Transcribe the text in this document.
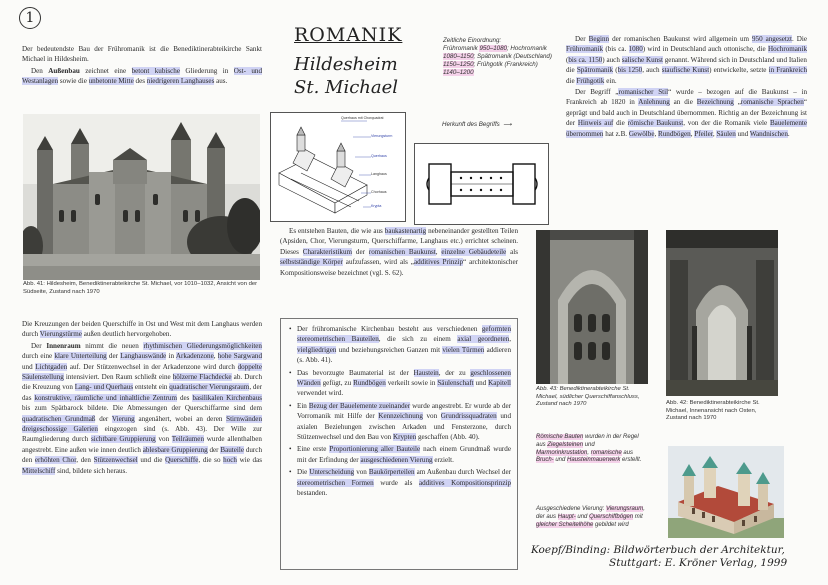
1
ROMANIK
Hildesheim
St. Michael

Der bedeutendste Bau der Frühromanik ist die Benediktinerabteikirche Sankt Michael in Hildesheim.

Den Außenbau zeichnet eine betont kubische Gliederung in Ost- und Westanlagen sowie die unbetonte Mitte des niedrigeren Langhauses aus.

Abb. 41: Hildesheim, Benediktinerabteikirche St. Michael, vor 1010–1032, Ansicht von der Südseite, Zustand nach 1970

Die Kreuzungen der beiden Querschiffe in Ost und West mit dem Langhaus werden durch Vierungstürme außen deutlich hervorgehoben.

Der Innenraum nimmt die neuen rhythmischen Gliederungsmöglichkeiten durch eine klare Unterteilung der Langhauswände in Arkadenzone, hohe Sargwand und Lichtgaden auf. Der Stützenwechsel in der Arkadenzone wird durch doppelte Säulenstellung intensiviert. Den Raum schließt eine hölzerne Flachdecke ab. Durch die Kreuzung von Lang- und Querhaus entsteht ein quadratischer Vierungsraum, der das konstruktive, räumliche und inhaltliche Zentrum des basilikalen Kirchenbaus bis zum Spätbarock bildete. Die Abmessungen der Querschiffarme sind dem quadratischen Grundmaß der Vierung angenähert, wobei an deren Stirnwänden dreigeschossige Galerien eingezogen sind (s. Abb. 43). Der Wille zur Raumgliederung durch sichtbare Gruppierung von Teilräumen wurde allenthalben angestrebt. Eine außen wie innen deutlich ablesbare Gruppierung der Bauteile durch den erhöhten Chor, den Stützenwechsel und die Querschiffe, die so hoch wie das Mittelschiff sind, bildete sich heraus.

Querhaus mit Chorquadrat
Vierungsturm
Querhaus
Langhaus
Chorhaus
Krypta

Es entstehen Bauten, die wie aus baukastenartig nebeneinander gestellten Teilen (Apsiden, Chor, Vierungsturm, Querschiffarme, Langhaus etc.) errichtet scheinen. Dieses Charakteristikum der romanischen Baukunst, einzelne Gebäudeteile als selbstständige Körper aufzufassen, wird als „additives Prinzip“ architektonischer Kompositionsweise bezeichnet (vgl. S. 62).

• Der frühromanische Kirchenbau besteht aus verschiedenen geformten stereometrischen Bauteilen, die sich zu einem axial geordneten, vielgliedrigen und beziehungsreichen Ganzen mit vielen Türmen addieren (s. Abb. 41).
• Das bevorzugte Baumaterial ist der Haustein, der zu geschlossenen Wänden gefügt, zu Rundbögen verkeilt sowie in Säulenschaft und Kapitell verwendet wird.
• Ein Bezug der Bauelemente zueinander wurde angestrebt. Er wurde ab der Vorromanik mit Hilfe der Kennzeichnung von Grundrissquadraten und axialen Beziehungen zwischen Arkaden und Fensterzone, durch Stützenwechsel und den Bau von Krypten geschaffen (Abb. 40).
• Eine erste Proportionierung aller Bauteile nach einem Grundmaß wurde mit der Erfindung der ausgeschiedenen Vierung erzielt.
• Die Unterscheidung von Baukörperteilen am Außenbau durch Wechsel der stereometrischen Formen wurde als additives Kompositionsprinzip bestanden.
Zeitliche Einordnung:
Frühromanik 950–1080; Hochromanik 1080–1150; Spätromanik (Deutschland) 1150–1250; Frühgotik (Frankreich) 1140–1200
Herkunft des Begriffs ⟶

Der Beginn der romanischen Baukunst wird allgemein um 950 angesetzt. Die Frühromanik (bis ca. 1080) wird in Deutschland auch ottonische, die Hochromanik (bis ca. 1150) auch salische Kunst genannt. Während sich in Deutschland und Italien die Spätromanik (bis 1250, auch staufische Kunst) entwickelte, setzte in Frankreich die Frühgotik ein.

Der Begriff „romanischer Stil“ wurde – bezogen auf die Baukunst – in Frankreich ab 1820 in Anlehnung an die Bezeichnung „romanische Sprachen“ geprägt und bald auch in Deutschland übernommen. Richtig an der Bezeichnung ist der Hinweis auf die römische Baukunst, von der die Romanik viele Bauelemente übernommen hat z.B. Gewölbe, Rundbögen, Pfeiler, Säulen und Wandnischen.

Abb. 43: Benediktinerabteikirche St. Michael, südlicher Querschiffanschluss, Zustand nach 1970	Abb. 42: Benediktinerabteikirche St. Michael, Innenansicht nach Osten, Zustand nach 1970
Römische Bauten wurden in der Regel aus Ziegelsteinen und Marmorinkrustation, romanische aus Bruch- und Hausteinmauerwerk erstellt.
Ausgeschiedene Vierung: Vierungsraum, der aus Haupt- und Querschiffbögen mit gleicher Scheitelhöhe gebildet wird
Koepf/Binding: Bildwörterbuch der Architektur,
Stuttgart: E. Kröner Verlag, 1999
